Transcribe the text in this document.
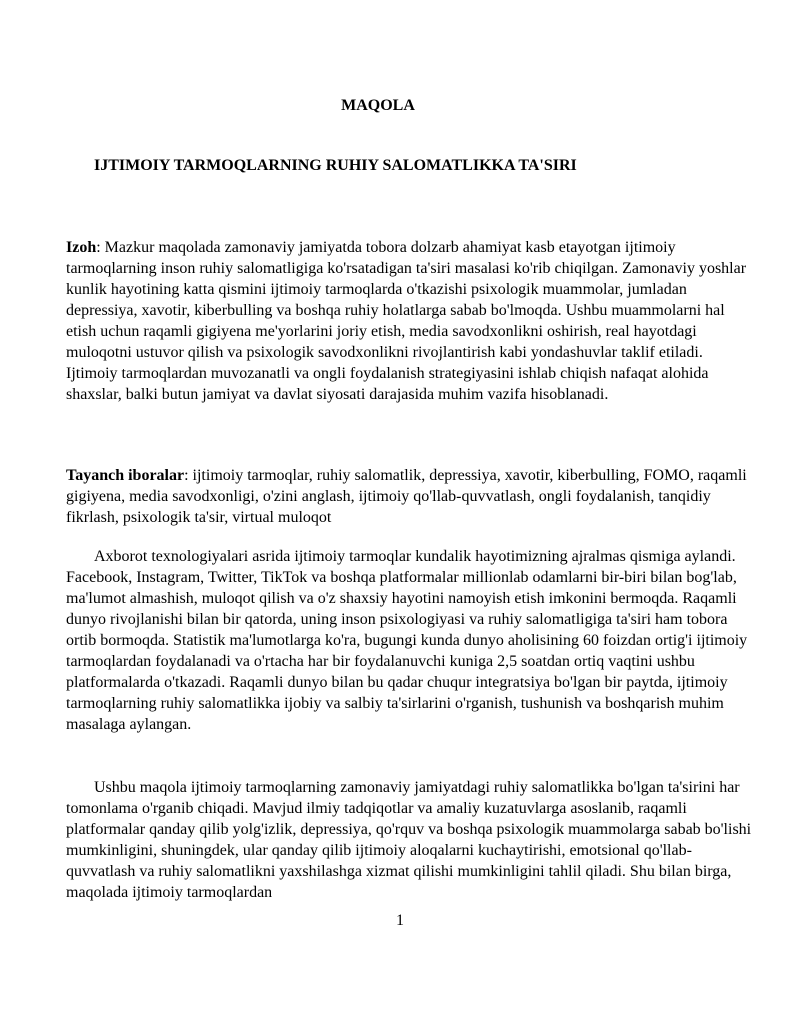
MAQOLA

IJTIMOIY TARMOQLARNING RUHIY SALOMATLIKKA TA'SIRI

Izoh: Mazkur maqolada zamonaviy jamiyatda tobora dolzarb ahamiyat kasb etayotgan ijtimoiy tarmoqlarning inson ruhiy salomatligiga ko'rsatadigan ta'siri masalasi ko'rib chiqilgan. Zamonaviy yoshlar kunlik hayotining katta qismini ijtimoiy tarmoqlarda o'tkazishi psixologik muammolar, jumladan depressiya, xavotir, kiberbulling va boshqa ruhiy holatlarga sabab bo'lmoqda. Ushbu muammolarni hal etish uchun raqamli gigiyena me'yorlarini joriy etish, media savodxonlikni oshirish, real hayotdagi muloqotni ustuvor qilish va psixologik savodxonlikni rivojlantirish kabi yondashuvlar taklif etiladi. Ijtimoiy tarmoqlardan muvozanatli va ongli foydalanish strategiyasini ishlab chiqish nafaqat alohida shaxslar, balki butun jamiyat va davlat siyosati darajasida muhim vazifa hisoblanadi.

Tayanch iboralar: ijtimoiy tarmoqlar, ruhiy salomatlik, depressiya, xavotir, kiberbulling, FOMO, raqamli gigiyena, media savodxonligi, o'zini anglash, ijtimoiy qo'llab-quvvatlash, ongli foydalanish, tanqidiy fikrlash, psixologik ta'sir, virtual muloqot

Axborot texnologiyalari asrida ijtimoiy tarmoqlar kundalik hayotimizning ajralmas qismiga aylandi. Facebook, Instagram, Twitter, TikTok va boshqa platformalar millionlab odamlarni bir-biri bilan bog'lab, ma'lumot almashish, muloqot qilish va o'z shaxsiy hayotini namoyish etish imkonini bermoqda. Raqamli dunyo rivojlanishi bilan bir qatorda, uning inson psixologiyasi va ruhiy salomatligiga ta'siri ham tobora ortib bormoqda. Statistik ma'lumotlarga ko'ra, bugungi kunda dunyo aholisining 60 foizdan ortig'i ijtimoiy tarmoqlardan foydalanadi va o'rtacha har bir foydalanuvchi kuniga 2,5 soatdan ortiq vaqtini ushbu platformalarda o'tkazadi. Raqamli dunyo bilan bu qadar chuqur integratsiya bo'lgan bir paytda, ijtimoiy tarmoqlarning ruhiy salomatlikka ijobiy va salbiy ta'sirlarini o'rganish, tushunish va boshqarish muhim masalaga aylangan.

Ushbu maqola ijtimoiy tarmoqlarning zamonaviy jamiyatdagi ruhiy salomatlikka bo'lgan ta'sirini har tomonlama o'rganib chiqadi. Mavjud ilmiy tadqiqotlar va amaliy kuzatuvlarga asoslanib, raqamli platformalar qanday qilib yolg'izlik, depressiya, qo'rquv va boshqa psixologik muammolarga sabab bo'lishi mumkinligini, shuningdek, ular qanday qilib ijtimoiy aloqalarni kuchaytirishi, emotsional qo'llab-quvvatlash va ruhiy salomatlikni yaxshilashga xizmat qilishi mumkinligini tahlil qiladi. Shu bilan birga, maqolada ijtimoiy tarmoqlardan

1
